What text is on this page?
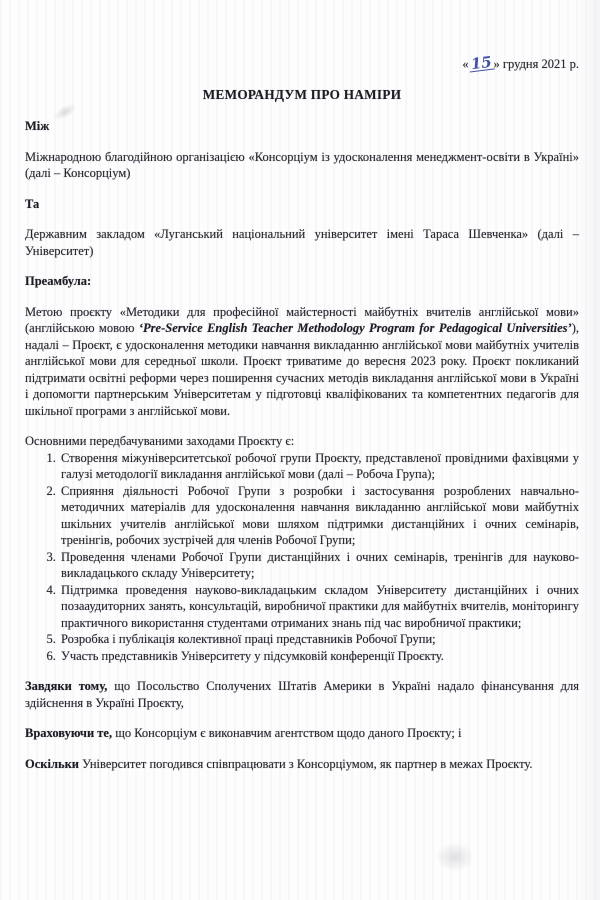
«15» грудня 2021 р.

МЕМОРАНДУМ ПРО НАМІРИ

Між

Міжнародною благодійною організацією «Консорціум із удосконалення менеджмент-освіти в Україні» (далі – Консорціум)

Та

Державним закладом «Луганський національний університет імені Тараса Шевченка» (далі – Університет)

Преамбула:

Метою проєкту «Методики для професійної майстерності майбутніх вчителів англійської мови» (англійською мовою ‘Pre-Service English Teacher Methodology Program for Pedagogical Universities’), надалі – Проєкт, є удосконалення методики навчання викладанню англійської мови майбутніх учителів англійської мови для середньої школи. Проєкт триватиме до вересня 2023 року. Проєкт покликаний підтримати освітні реформи через поширення сучасних методів викладання англійської мови в Україні і допомогти партнерським Університетам у підготовці кваліфікованих та компетентних педагогів для шкільної програми з англійської мови.

Основними передбачуваними заходами Проєкту є:

1. Створення міжуніверситетської робочої групи Проєкту, представленої провідними фахівцями у галузі методології викладання англійської мови (далі – Робоча Група);
2. Сприяння діяльності Робочої Групи з розробки і застосування розроблених навчально-методичних матеріалів для удосконалення навчання викладанню англійської мови майбутніх шкільних учителів англійської мови шляхом підтримки дистанційних і очних семінарів, тренінгів, робочих зустрічей для членів Робочої Групи;
3. Проведення членами Робочої Групи дистанційних і очних семінарів, тренінгів для науково-викладацького складу Університету;
4. Підтримка проведення науково-викладацьким складом Університету дистанційних і очних позааудиторних занять, консультацій, виробничої практики для майбутніх вчителів, моніторингу практичного використання студентами отриманих знань під час виробничої практики;
5. Розробка і публікація колективної праці представників Робочої Групи;
6. Участь представників Університету у підсумковій конференції Проєкту.

Завдяки тому, що Посольство Сполучених Штатів Америки в Україні надало фінансування для здійснення в Україні Проєкту,

Враховуючи те, що Консорціум є виконавчим агентством щодо даного Проєкту; і

Оскільки Університет погодився співпрацювати з Консорціумом, як партнер в межах Проєкту.
